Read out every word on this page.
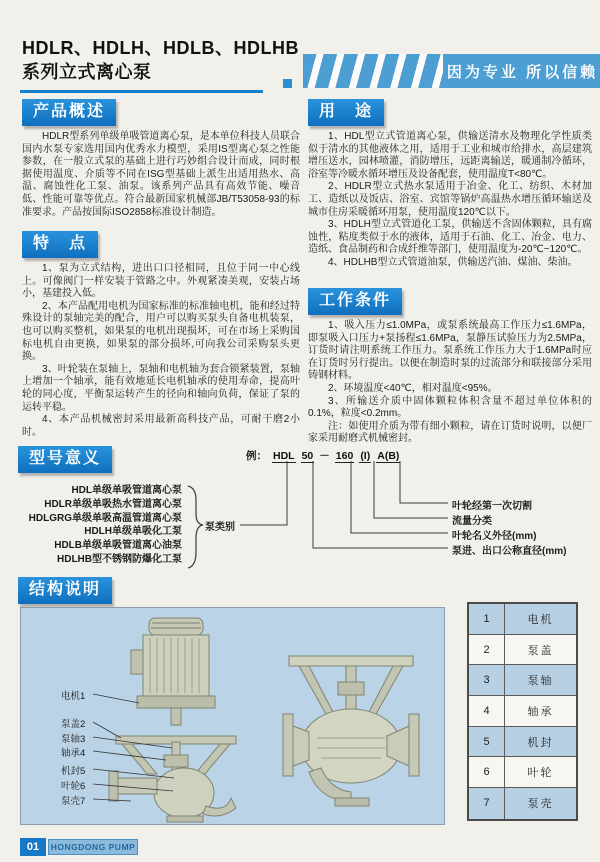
HDLR、HDLH、HDLB、HDLHB
系列立式离心泵	因为专业 所以信赖
产品概述

HDLR型系列单级单吸管道离心泵，是本单位科技人员联合国内水泵专家选用国内优秀水力模型，采用IS型离心泵之性能参数，在一般立式泵的基础上进行巧妙组合设计而成，同时根据使用温度、介质等不同在ISG型基础上派生出适用热水、高温、腐蚀性化工泵、油泵。该系列产品具有高效节能、噪音低、性能可靠等优点。符合最新国家机械部JB/T53058-93的标准要求。产品按国际ISO2858标准设计制造。

特　点

1、泵为立式结构，进出口口径相同，且位于同一中心线上。可像阀门一样安装于管路之中。外观紧凑美观，安装占场小，基建投入低。

2、本产品配用电机为国家标准的标准轴电机，能和经过特殊设计的泵轴完美的配合，用户可以购买泵头自备电机装泵，也可以购买整机，如果泵的电机出现损坏，可在市场上采购国标电机自由更换，如果泵的部分损坏,可向我公司采购泵头更换。

3、叶轮装在泵轴上，泵轴和电机轴为套合锁紧装置，泵轴上增加一个轴承，能有效地延长电机轴承的使用寿命，提高叶轮的同心度，平衡泵运转产生的径向和轴向负荷，保证了泵的运转平稳。

4、本产品机械密封采用最新高科技产品，可耐干磨2小时。

用　途

1、HDL型立式管道离心泵，供输送清水及物理化学性质类似于清水的其他液体之用，适用于工业和城市给排水，高层建筑增压送水，园林喷灌，消防增压，远距离输送，暖通制冷循环，浴室等冷暖水循环增压及设备配套，使用温度T<80℃。

2、HDLR型立式热水泵适用于冶金、化工、纺织、木材加工、造纸以及饭店、浴室、宾馆等锅炉高温热水增压循环输送及城市住房采暖循环用泵，使用温度120℃以下。

3、HDLH型立式管道化工泵，供输送不含固体颗粒，具有腐蚀性，粘度类似于水的液体，适用于石油、化工、冶金、电力、造纸、食品制药和合成纤维等部门，使用温度为-20℃~120℃。

4、HDLHB型立式管道油泵，供输送汽油、煤油、柴油。

工作条件

1、吸入压力≤1.0MPa，或泵系统最高工作压力≤1.6MPa，即泵吸入口压力+泵扬程≤1.6MPa，泵静压试验压力为2.5MPa，订货时请注明系统工作压力。泵系统工作压力大于1.6MPa时应在订货时另行提出。以便在制造时泵的过流部分和联接部分采用铸钢材料。

2、环境温度<40℃，相对温度<95%。

3、所输送介质中固体颗粒体积含量不超过单位体积的0.1%，粒度<0.2mm。

注：如使用介质为带有细小颗粒，请在订货时说明，以便厂家采用耐磨式机械密封。

型号意义	例： HDL 50 － 160 (I) A(B)
HDL单级单吸管道离心泵
HDLR单级单吸热水管道离心泵
HDLGRG单级单吸高温管道离心泵
HDLH单级单吸化工泵
HDLB单级单吸管道离心油泵
HDLHB型不锈钢防爆化工泵
泵类别
叶轮经第一次切割
流量分类
叶轮名义外径(mm)
泵进、出口公称直径(mm)
结构说明
电机1
泵盖2
泵轴3
轴承4
机封5
叶轮6
泵壳7
1	电机
2	泵盖
3	泵轴
4	轴承
5	机封
6	叶轮
7	泵壳
01	HONGDONG PUMP
